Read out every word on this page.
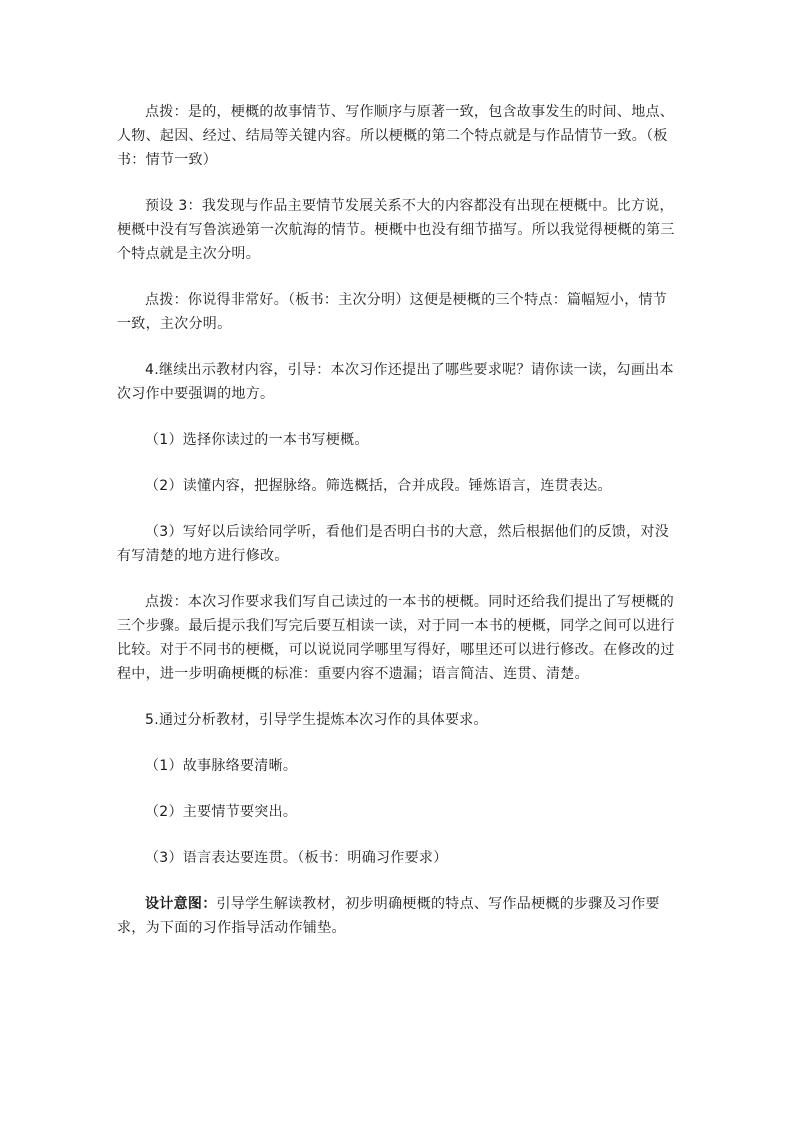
点拨：是的，梗概的故事情节、写作顺序与原著一致，包含故事发生的时间、地点、人物、起因、经过、结局等关键内容。所以梗概的第二个特点就是与作品情节一致。（板书：情节一致）

预设 3：我发现与作品主要情节发展关系不大的内容都没有出现在梗概中。比方说，梗概中没有写鲁滨逊第一次航海的情节。梗概中也没有细节描写。所以我觉得梗概的第三个特点就是主次分明。

点拨：你说得非常好。（板书：主次分明）这便是梗概的三个特点：篇幅短小，情节一致，主次分明。

4.继续出示教材内容，引导：本次习作还提出了哪些要求呢？请你读一读，勾画出本次习作中要强调的地方。

（1）选择你读过的一本书写梗概。

（2）读懂内容，把握脉络。筛选概括，合并成段。锤炼语言，连贯表达。

（3）写好以后读给同学听，看他们是否明白书的大意，然后根据他们的反馈，对没有写清楚的地方进行修改。

点拨：本次习作要求我们写自己读过的一本书的梗概。同时还给我们提出了写梗概的三个步骤。最后提示我们写完后要互相读一读，对于同一本书的梗概，同学之间可以进行比较。对于不同书的梗概，可以说说同学哪里写得好，哪里还可以进行修改。在修改的过程中，进一步明确梗概的标准：重要内容不遗漏；语言简洁、连贯、清楚。

5.通过分析教材，引导学生提炼本次习作的具体要求。

（1）故事脉络要清晰。

（2）主要情节要突出。

（3）语言表达要连贯。（板书：明确习作要求）

设计意图：引导学生解读教材，初步明确梗概的特点、写作品梗概的步骤及习作要求，为下面的习作指导活动作铺垫。
